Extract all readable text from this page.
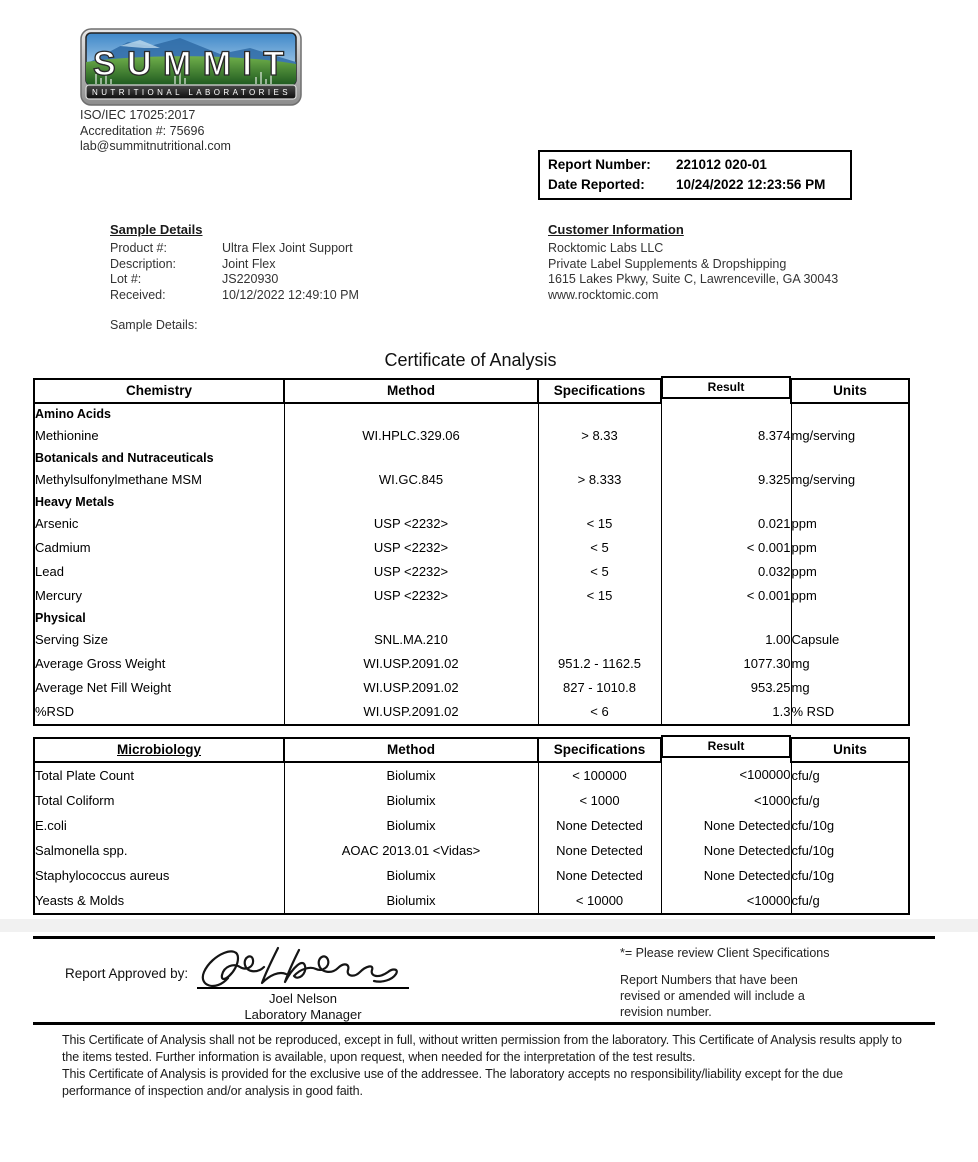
SUMMIT
NUTRITIONAL LABORATORIES
ISO/IEC 17025:2017
Accreditation #: 75696
lab@summitnutritional.com
Report Number: 221012 020-01
Date Reported: 10/24/2022 12:23:56 PM
Sample Details
Product #:	Ultra Flex Joint Support
Description:	Joint Flex
Lot #:	JS220930
Received:	10/12/2022 12:49:10 PM
Sample Details:
Customer Information
Rocktomic Labs LLC
Private Label Supplements & Dropshipping
1615 Lakes Pkwy, Suite C, Lawrenceville, GA 30043
www.rocktomic.com
Certificate of Analysis
Chemistry	Method	Specifications	Result	Units
Amino Acids				
Methionine	WI.HPLC.329.06	> 8.33	8.374	mg/serving
Botanicals and Nutraceuticals				
Methylsulfonylmethane MSM	WI.GC.845	> 8.333	9.325	mg/serving
Heavy Metals				
Arsenic	USP <2232>	< 15	0.021	ppm
Cadmium	USP <2232>	< 5	< 0.001	ppm
Lead	USP <2232>	< 5	0.032	ppm
Mercury	USP <2232>	< 15	< 0.001	ppm
Physical				
Serving Size	SNL.MA.210		1.00	Capsule
Average Gross Weight	WI.USP.2091.02	951.2 - 1162.5	1077.30	mg
Average Net Fill Weight	WI.USP.2091.02	827 - 1010.8	953.25	mg
%RSD	WI.USP.2091.02	< 6	1.3	% RSD
Microbiology	Method	Specifications	Result	Units
Total Plate Count	Biolumix	< 100000	<100000	cfu/g
Total Coliform	Biolumix	< 1000	<1000	cfu/g
E.coli	Biolumix	None Detected	None Detected	cfu/10g
Salmonella spp.	AOAC 2013.01 <Vidas>	None Detected	None Detected	cfu/10g
Staphylococcus aureus	Biolumix	None Detected	None Detected	cfu/10g
Yeasts & Molds	Biolumix	< 10000	<10000	cfu/g
Report Approved by:
Joel Nelson
Laboratory Manager
*= Please review Client Specifications
Report Numbers that have been revised or amended will include a revision number.

This Certificate of Analysis shall not be reproduced, except in full, without written permission from the laboratory. This Certificate of Analysis results apply to the items tested. Further information is available, upon request, when needed for the interpretation of the test results.

This Certificate of Analysis is provided for the exclusive use of the addressee. The laboratory accepts no responsibility/liability except for the due performance of inspection and/or analysis in good faith.
